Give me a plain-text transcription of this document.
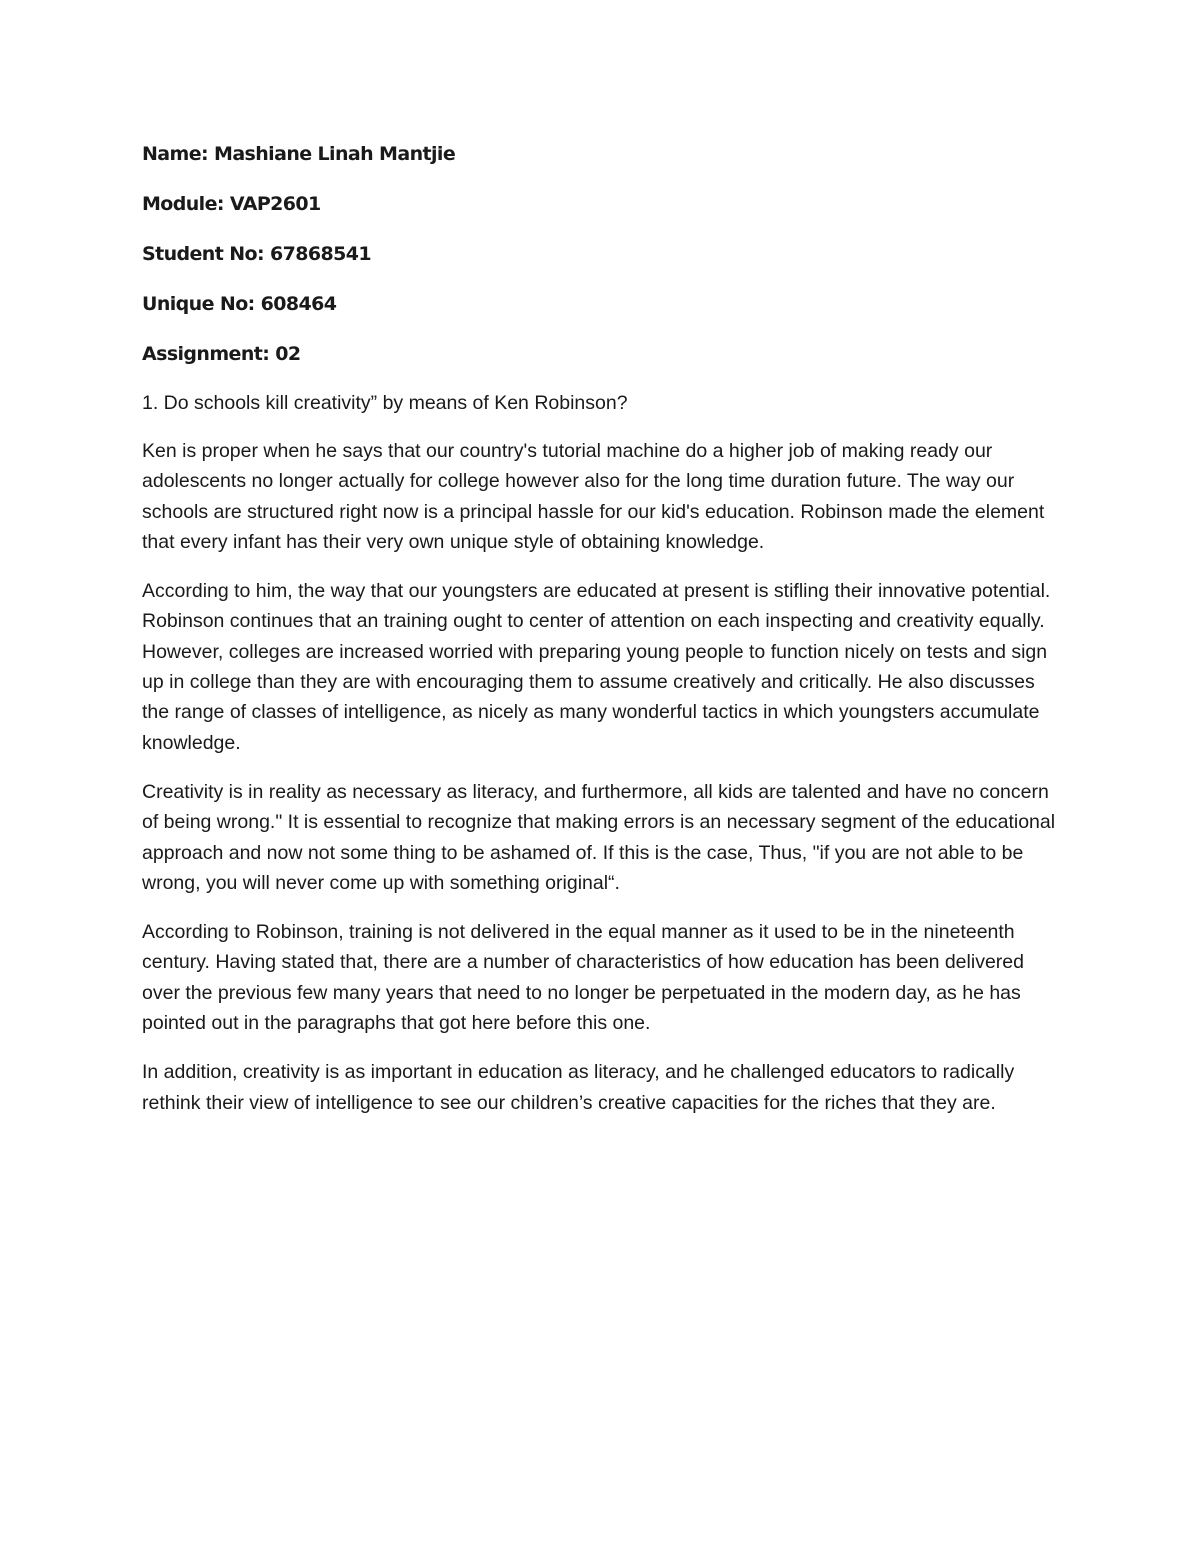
Name: Mashiane Linah Mantjie

Module: VAP2601

Student No: 67868541

Unique No: 608464

Assignment: 02

1. Do schools kill creativity” by means of Ken Robinson?

Ken is proper when he says that our country's tutorial machine do a higher job of making ready our adolescents no longer actually for college however also for the long time duration future. The way our schools are structured right now is a principal hassle for our kid's education. Robinson made the element that every infant has their very own unique style of obtaining knowledge.

According to him, the way that our youngsters are educated at present is stifling their innovative potential. Robinson continues that an training ought to center of attention on each inspecting and creativity equally. However, colleges are increased worried with preparing young people to function nicely on tests and sign up in college than they are with encouraging them to assume creatively and critically. He also discusses the range of classes of intelligence, as nicely as many wonderful tactics in which youngsters accumulate knowledge.

Creativity is in reality as necessary as literacy, and furthermore, all kids are talented and have no concern of being wrong." It is essential to recognize that making errors is an necessary segment of the educational approach and now not some thing to be ashamed of. If this is the case, Thus, "if you are not able to be wrong, you will never come up with something original“.

According to Robinson, training is not delivered in the equal manner as it used to be in the nineteenth century. Having stated that, there are a number of characteristics of how education has been delivered over the previous few many years that need to no longer be perpetuated in the modern day, as he has pointed out in the paragraphs that got here before this one.

In addition, creativity is as important in education as literacy, and he challenged educators to radically rethink their view of intelligence to see our children’s creative capacities for the riches that they are.
